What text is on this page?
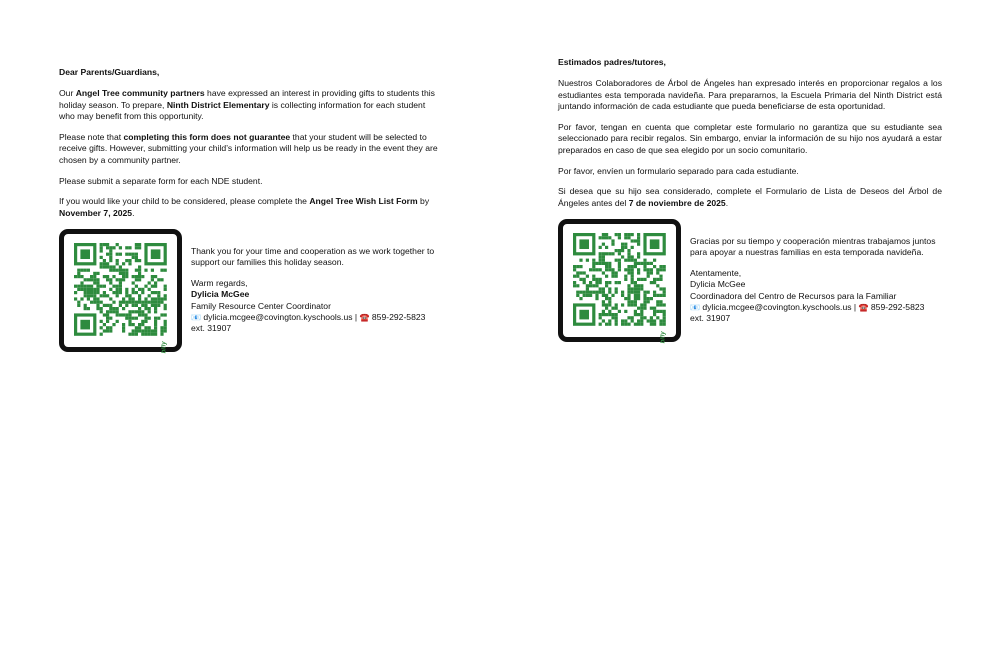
Dear Parents/Guardians,

Our Angel Tree community partners have expressed an interest in providing gifts to students this holiday season. To prepare, Ninth District Elementary is collecting information for each student who may benefit from this opportunity.

Please note that completing this form does not guarantee that your student will be selected to receive gifts. However, submitting your child’s information will help us be ready in the event they are chosen by a community partner.

Please submit a separate form for each NDE student.

If you would like your child to be considered, please complete the Angel Tree Wish List Form by November 7, 2025.

billy

Thank you for your time and cooperation as we work together to support our families this holiday season.

Warm regards,
Dylicia McGee
Family Resource Center Coordinator
📧 dylicia.mcgee@covington.kyschools.us | ☎️ 859-292-5823
ext. 31907

Estimados padres/tutores,

Nuestros Colaboradores de Árbol de Ángeles han expresado interés en proporcionar regalos a los estudiantes esta temporada navideña. Para prepararnos, la Escuela Primaria del Ninth District está juntando información de cada estudiante que pueda beneficiarse de esta oportunidad.

Por favor, tengan en cuenta que completar este formulario no garantiza que su estudiante sea seleccionado para recibir regalos. Sin embargo, enviar la información de su hijo nos ayudará a estar preparados en caso de que sea elegido por un socio comunitario.

Por favor, envíen un formulario separado para cada estudiante.

Si desea que su hijo sea considerado, complete el Formulario de Lista de Deseos del Árbol de Ángeles antes del 7 de noviembre de 2025.

billy

Gracias por su tiempo y cooperación mientras trabajamos juntos para apoyar a nuestras familias en esta temporada navideña.

Atentamente,
Dylicia McGee
Coordinadora del Centro de Recursos para la Familiar
📧 dylicia.mcgee@covington.kyschools.us | ☎️ 859-292-5823
ext. 31907
